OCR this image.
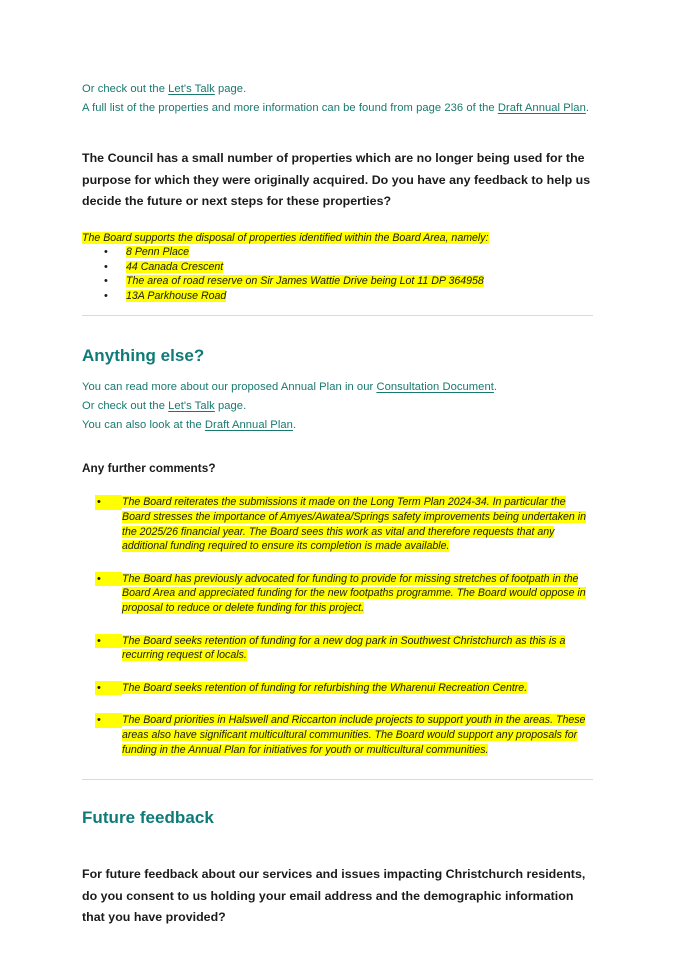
Or check out the Let's Talk page.

A full list of the properties and more information can be found from page 236 of the Draft Annual Plan.

The Council has a small number of properties which are no longer being used for the purpose for which they were originally acquired. Do you have any feedback to help us decide the future or next steps for these properties?

The Board supports the disposal of properties identified within the Board Area, namely:
• 8 Penn Place
• 44 Canada Crescent
• The area of road reserve on Sir James Wattie Drive being Lot 11 DP 364958
• 13A Parkhouse Road
Anything else?

You can read more about our proposed Annual Plan in our Consultation Document.

Or check out the Let's Talk page.

You can also look at the Draft Annual Plan.

Any further comments?

•	The Board reiterates the submissions it made on the Long Term Plan 2024-34. In particular the Board stresses the importance of Amyes/Awatea/Springs safety improvements being undertaken in the 2025/26 financial year. The Board sees this work as vital and therefore requests that any additional funding required to ensure its completion is made available.
•	The Board has previously advocated for funding to provide for missing stretches of footpath in the Board Area and appreciated funding for the new footpaths programme. The Board would oppose in proposal to reduce or delete funding for this project.
•	The Board seeks retention of funding for a new dog park in Southwest Christchurch as this is a recurring request of locals.
•	The Board seeks retention of funding for refurbishing the Wharenui Recreation Centre.
•	The Board priorities in Halswell and Riccarton include projects to support youth in the areas. These areas also have significant multicultural communities. The Board would support any proposals for funding in the Annual Plan for initiatives for youth or multicultural communities.
Future feedback

For future feedback about our services and issues impacting Christchurch residents, do you consent to us holding your email address and the demographic information that you have provided?
